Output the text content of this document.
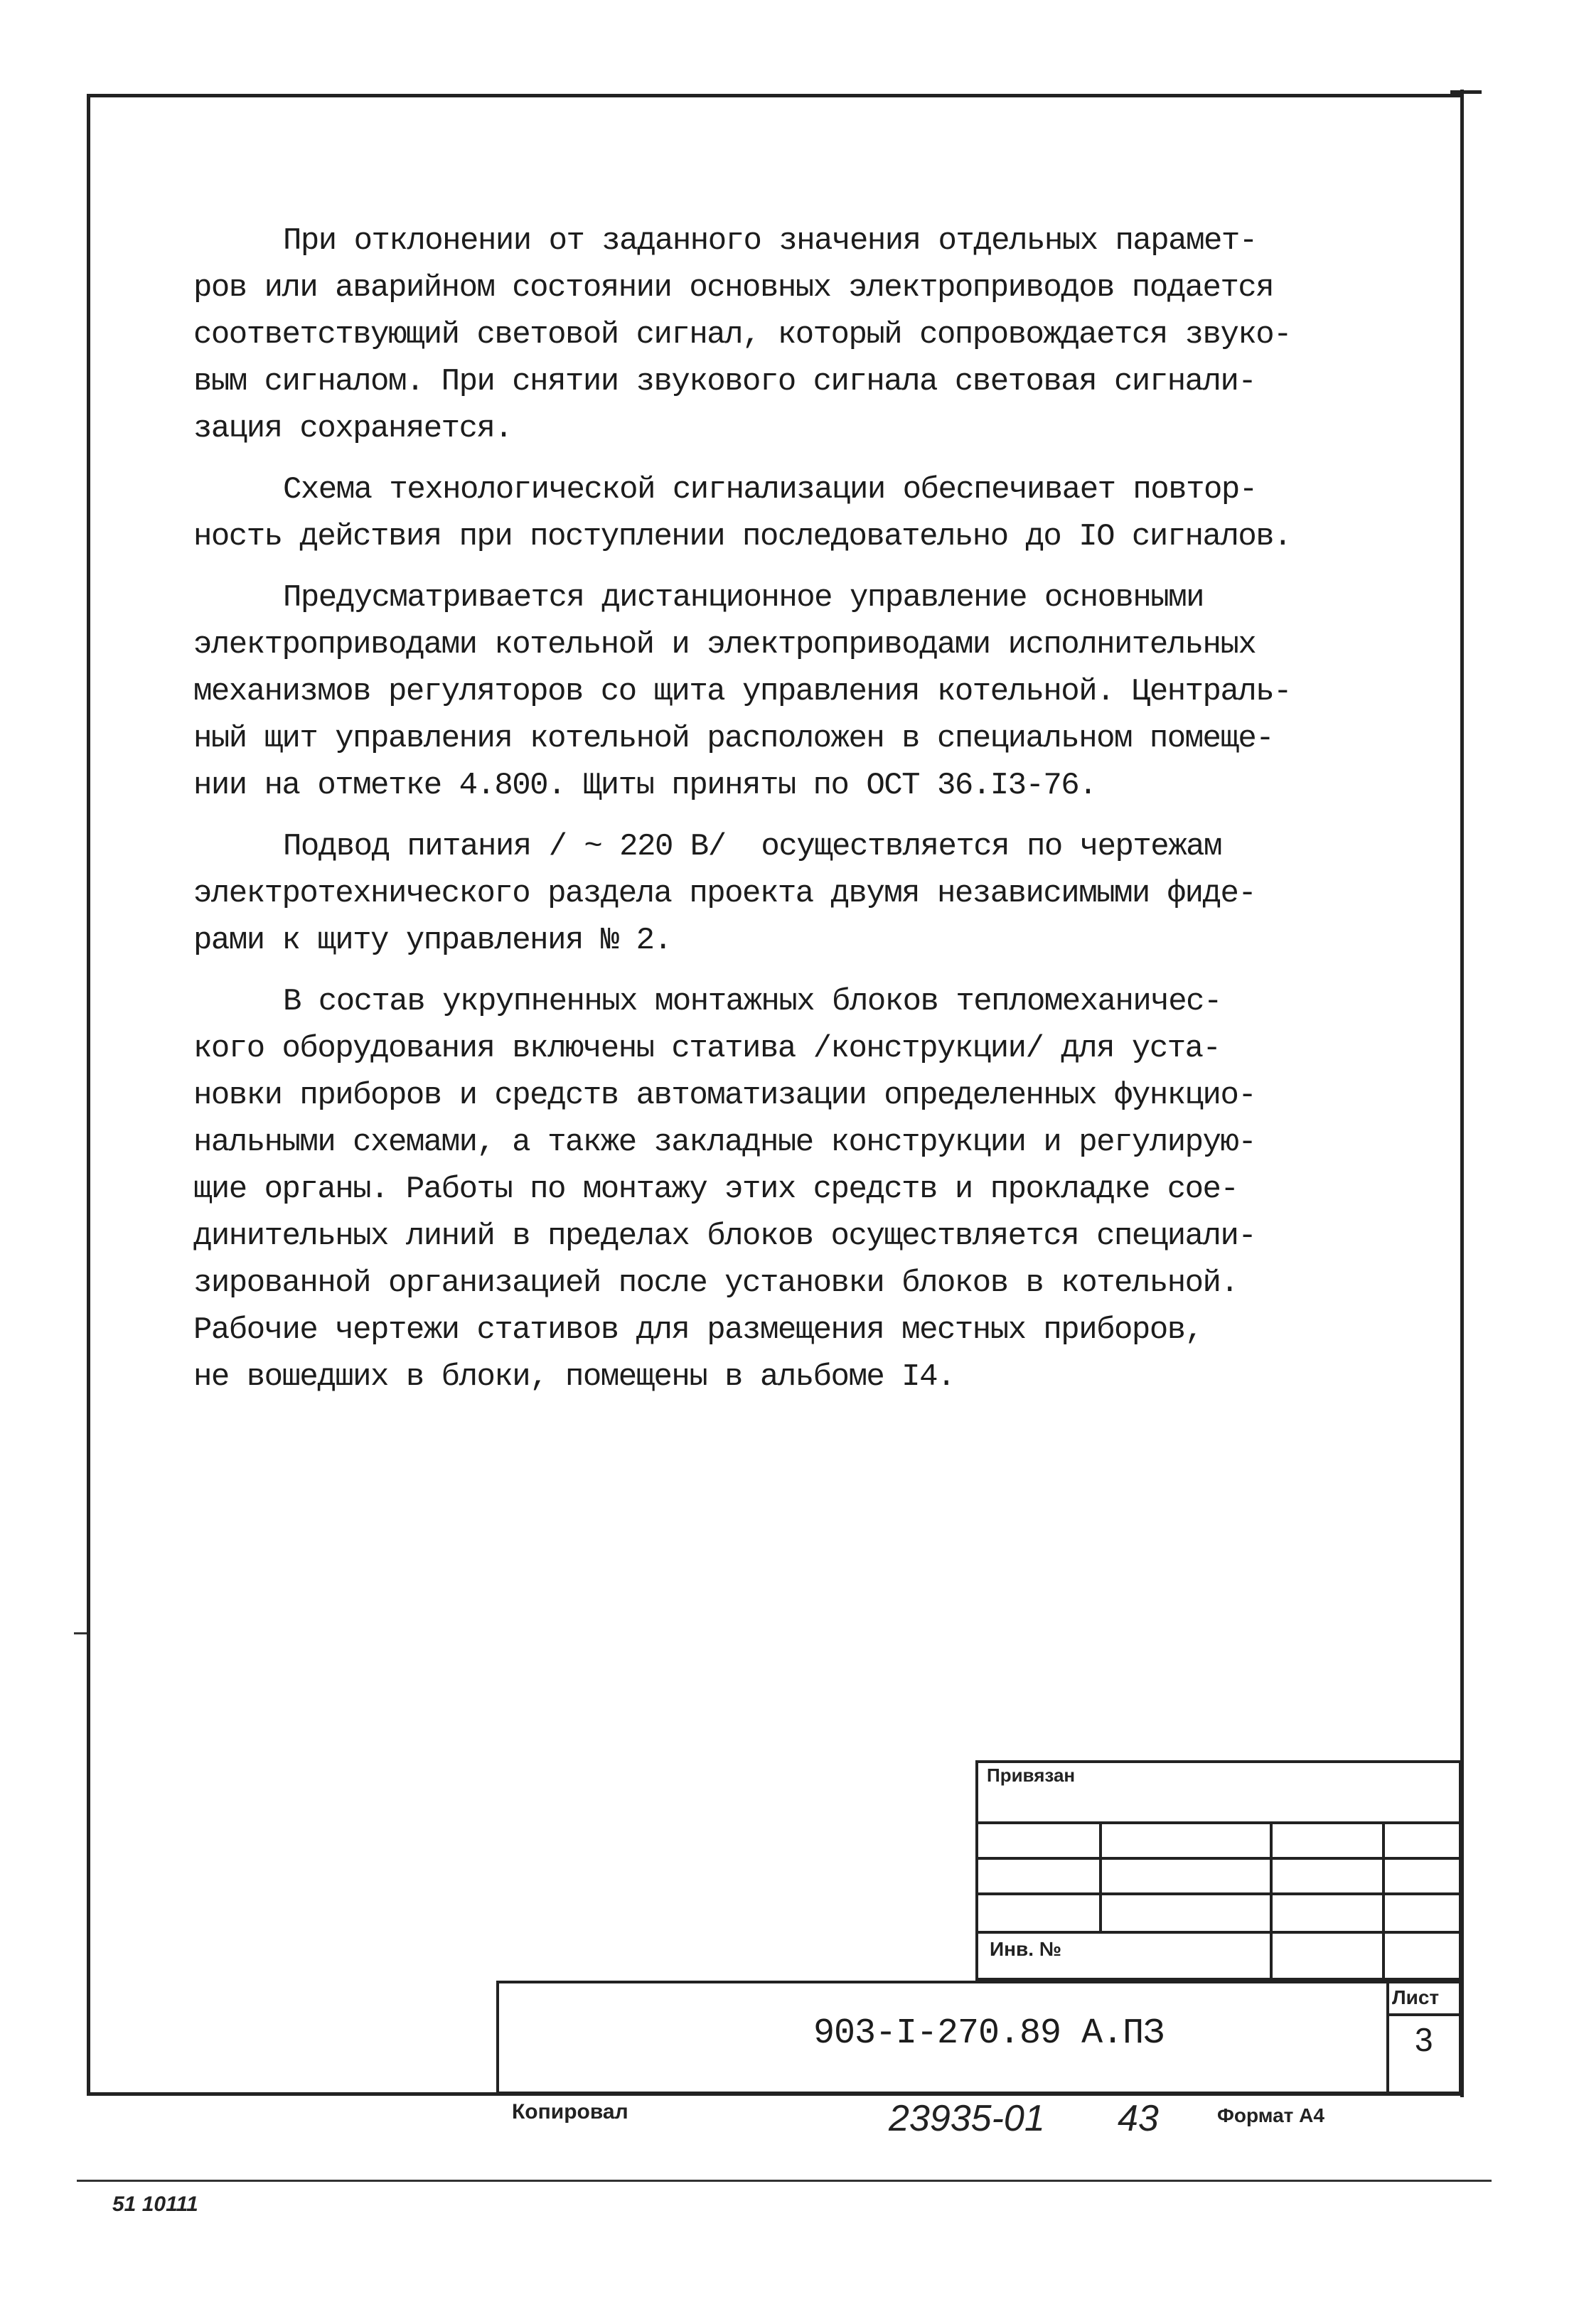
При отклонении от заданного значения отдельных парамет-
ров или аварийном состоянии основных электроприводов подается
соответствующий световой сигнал, который сопровождается звуко-
вым сигналом. При снятии звукового сигнала световая сигнали-
зация сохраняется.
Схема технологической сигнализации обеспечивает повтор-
ность действия при поступлении последовательно до IO сигналов.
Предусматривается дистанционное управление основными
электроприводами котельной и электроприводами исполнительных
механизмов регуляторов со щита управления котельной. Централь-
ный щит управления котельной расположен в специальном помеще-
нии на отметке 4.800. Щиты приняты по ОСТ 36.I3-76.
Подвод питания / ~ 220 В/  осуществляется по чертежам
электротехнического раздела проекта двумя независимыми фиде-
рами к щиту управления № 2.
В состав укрупненных монтажных блоков тепломеханичес-
кого оборудования включены статива /конструкции/ для уста-
новки приборов и средств автоматизации определенных функцио-
нальными схемами, а также закладные конструкции и регулирую-
щие органы. Работы по монтажу этих средств и прокладке сое-
динительных линий в пределах блоков осуществляется специали-
зированной организацией после установки блоков в котельной.
Рабочие чертежи стативов для размещения местных приборов,
не вошедших в блоки, помещены в альбоме I4.
Привязан
Инв. №
903-I-270.89 А.ПЗ
Лист
3
Копировал	23935-01 43	Формат А4
51 10111
